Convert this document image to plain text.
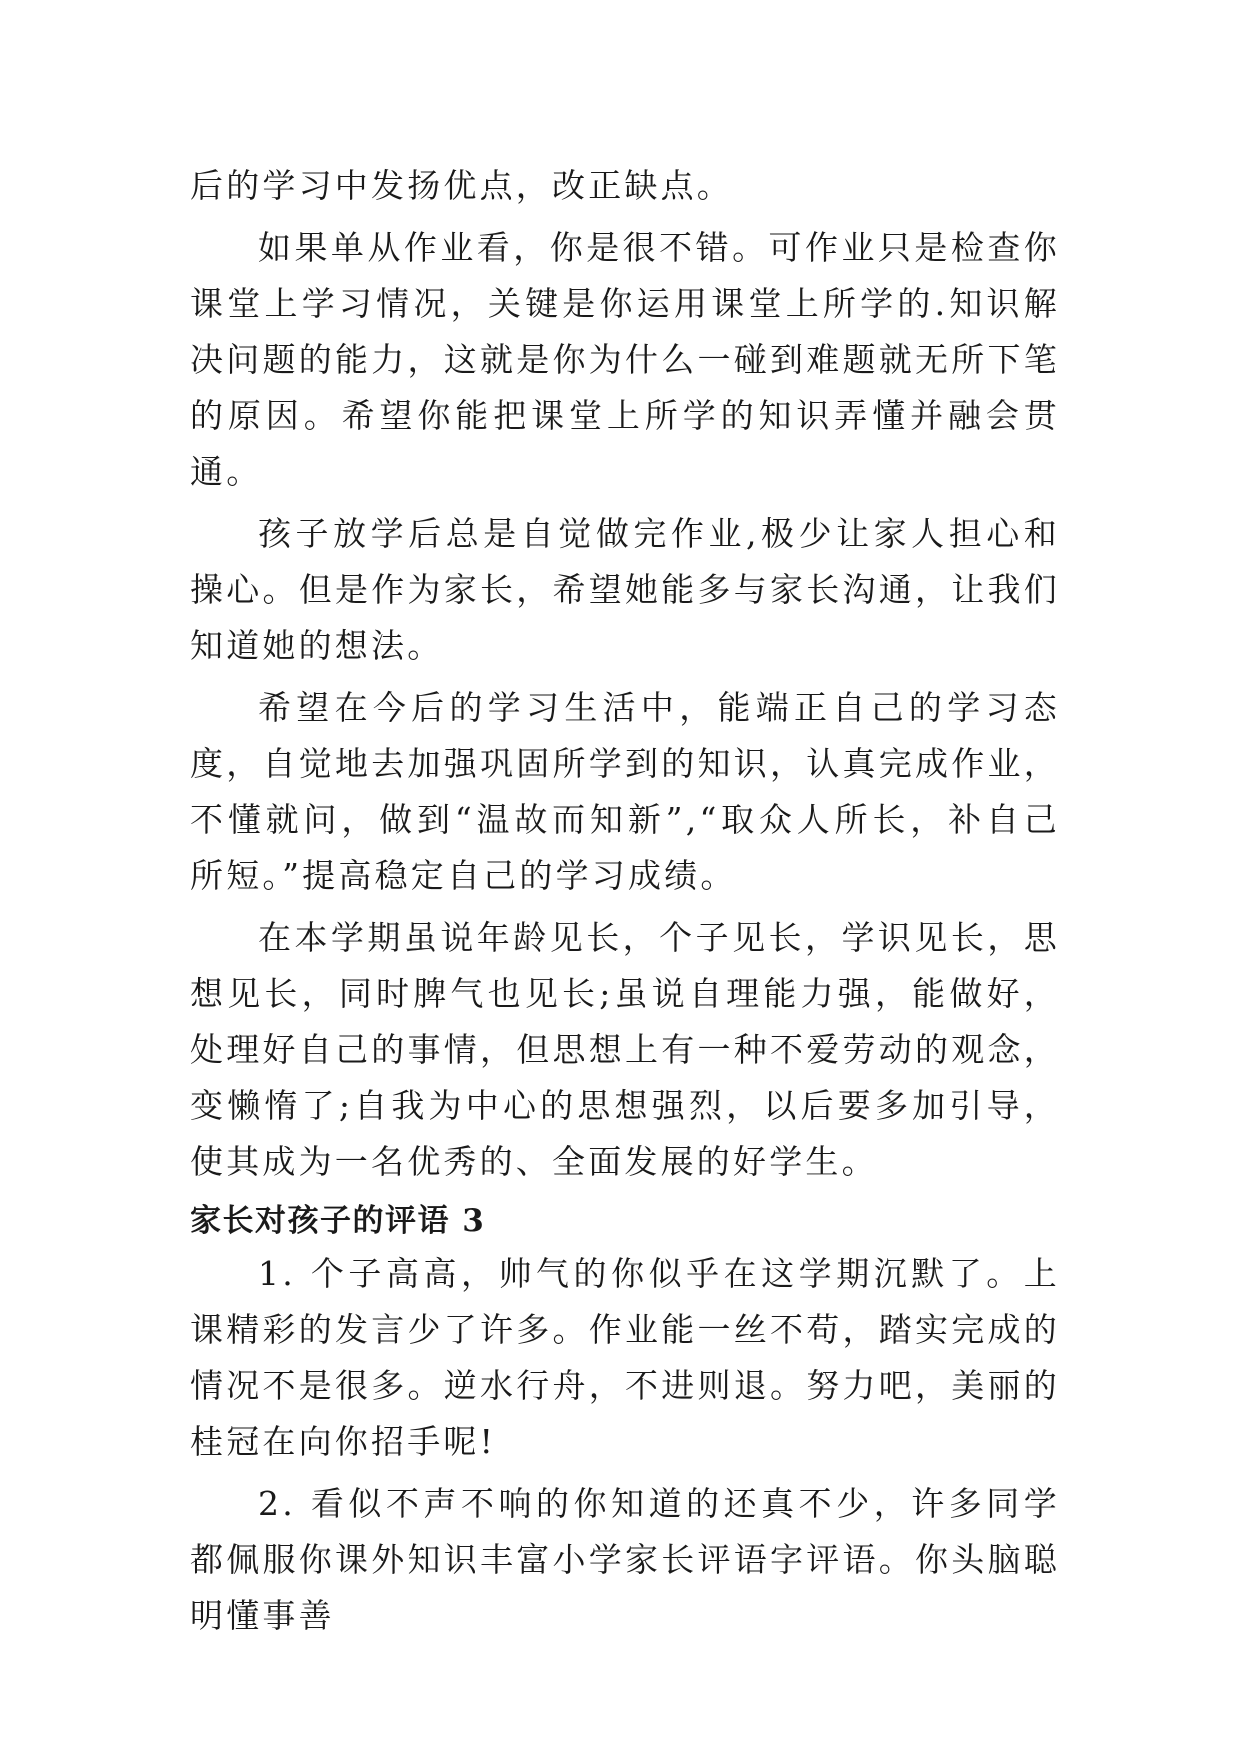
后的学习中发扬优点，改正缺点。

如果单从作业看，你是很不错。可作业只是检查你课堂上学习情况，关键是你运用课堂上所学的.知识解决问题的能力，这就是你为什么一碰到难题就无所下笔的原因。希望你能把课堂上所学的知识弄懂并融会贯通。

孩子放学后总是自觉做完作业,极少让家人担心和操心。但是作为家长，希望她能多与家长沟通，让我们知道她的想法。

希望在今后的学习生活中，能端正自己的学习态度，自觉地去加强巩固所学到的知识，认真完成作业，不懂就问，做到“温故而知新”,“取众人所长，补自己所短。”提高稳定自己的学习成绩。

在本学期虽说年龄见长，个子见长，学识见长，思想见长，同时脾气也见长;虽说自理能力强，能做好，处理好自己的事情，但思想上有一种不爱劳动的观念，变懒惰了;自我为中心的思想强烈，以后要多加引导，使其成为一名优秀的、全面发展的好学生。

家长对孩子的评语 3

1. 个子高高，帅气的你似乎在这学期沉默了。上课精彩的发言少了许多。作业能一丝不苟，踏实完成的情况不是很多。逆水行舟，不进则退。努力吧，美丽的桂冠在向你招手呢!

2. 看似不声不响的你知道的还真不少，许多同学都佩服你课外知识丰富小学家长评语字评语。你头脑聪明懂事善
